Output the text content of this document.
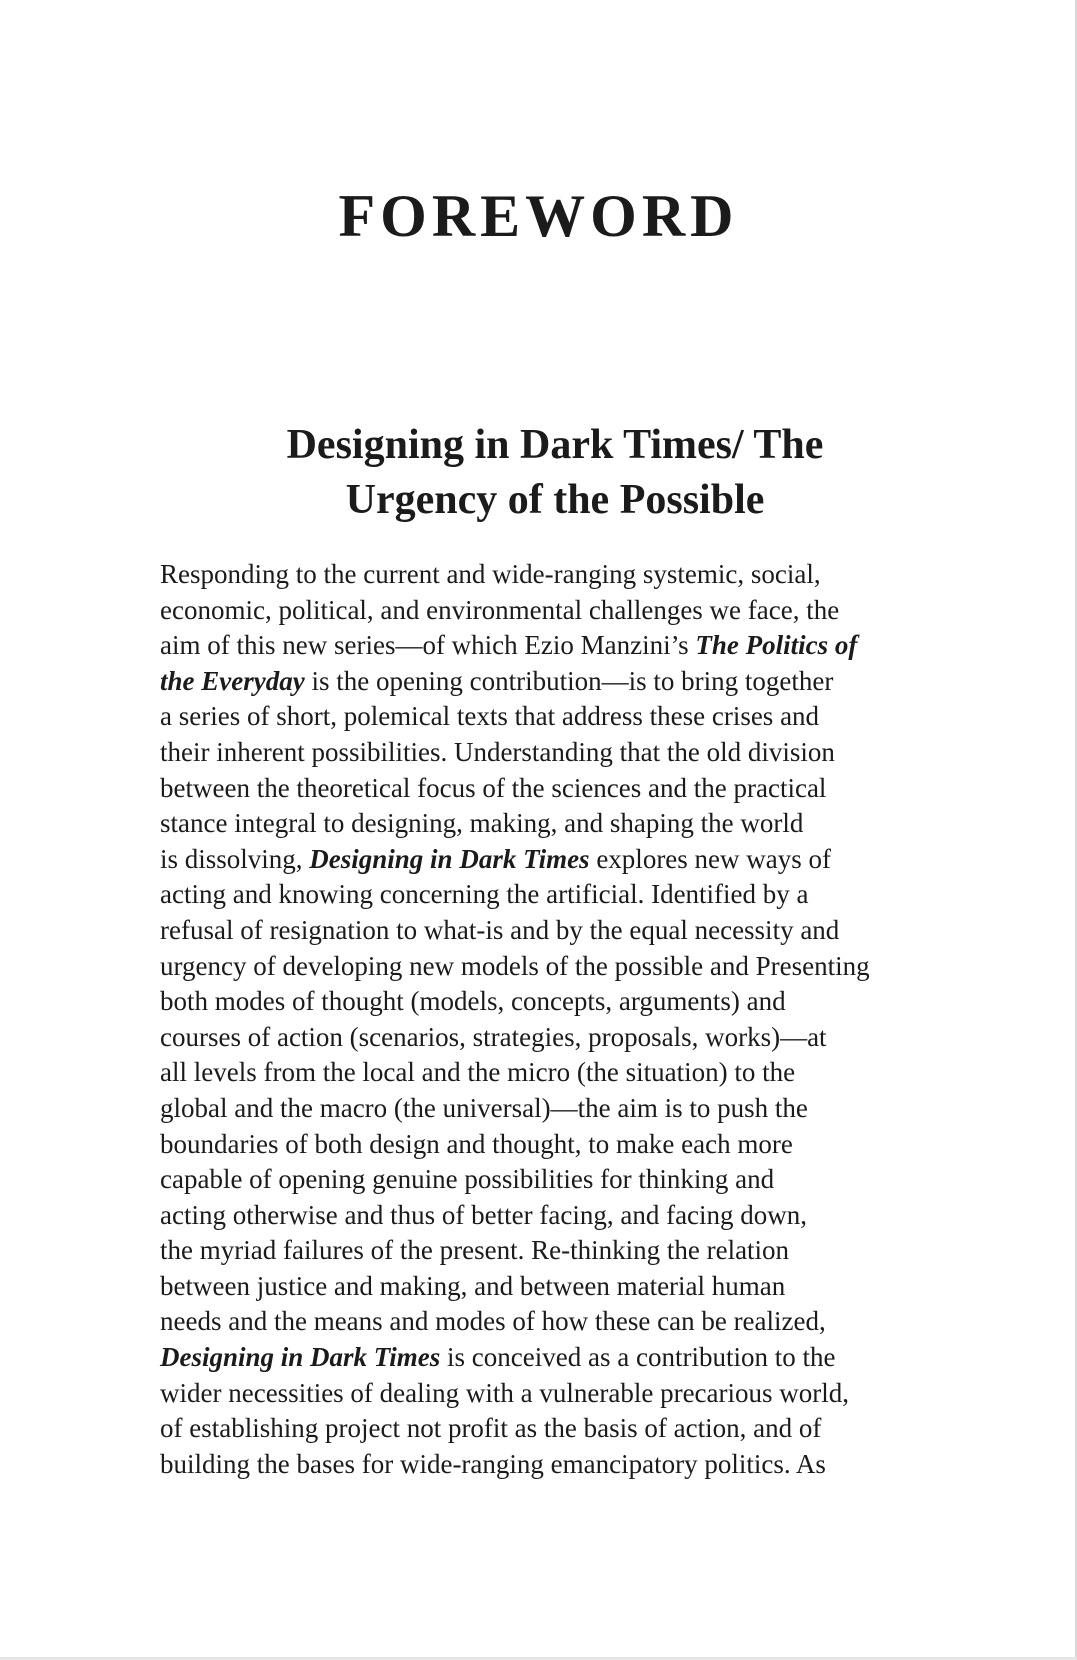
FOREWORD
Designing in Dark Times/ The
Urgency of the Possible
Responding to the current and wide-ranging systemic, social,
economic, political, and environmental challenges we face, the
aim of this new series—of which Ezio Manzini’s The Politics of
the Everyday is the opening contribution—is to bring together
a series of short, polemical texts that address these crises and
their inherent possibilities. Understanding that the old division
between the theoretical focus of the sciences and the practical
stance integral to designing, making, and shaping the world
is dissolving, Designing in Dark Times explores new ways of
acting and knowing concerning the artificial. Identified by a
refusal of resignation to what-is and by the equal necessity and
urgency of developing new models of the possible and Presenting
both modes of thought (models, concepts, arguments) and
courses of action (scenarios, strategies, proposals, works)—at
all levels from the local and the micro (the situation) to the
global and the macro (the universal)—the aim is to push the
boundaries of both design and thought, to make each more
capable of opening genuine possibilities for thinking and
acting otherwise and thus of better facing, and facing down,
the myriad failures of the present. Re-thinking the relation
between justice and making, and between material human
needs and the means and modes of how these can be realized,
Designing in Dark Times is conceived as a contribution to the
wider necessities of dealing with a vulnerable precarious world,
of establishing project not profit as the basis of action, and of
building the bases for wide-ranging emancipatory politics. As
